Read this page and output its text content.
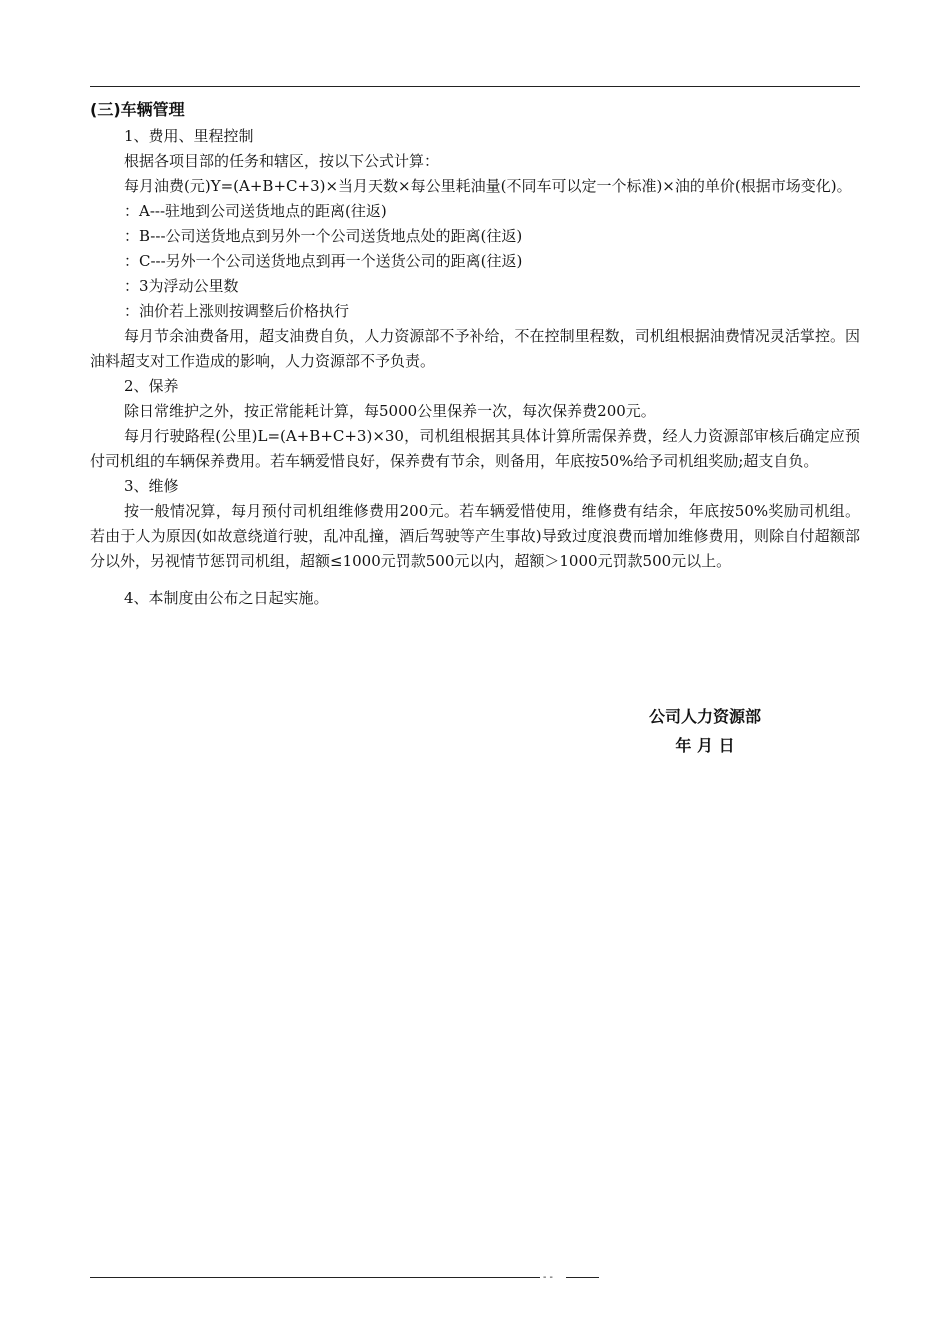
(三)车辆管理

1、费用、里程控制

根据各项目部的任务和辖区，按以下公式计算：

每月油费(元)Y=(A+B+C+3)×当月天数×每公里耗油量(不同车可以定一个标准)×油的单价(根据市场变化)。

：A---驻地到公司送货地点的距离(往返)

：B---公司送货地点到另外一个公司送货地点处的距离(往返)

：C---另外一个公司送货地点到再一个送货公司的距离(往返)

：3为浮动公里数

：油价若上涨则按调整后价格执行

每月节余油费备用，超支油费自负，人力资源部不予补给，不在控制里程数，司机组根据油费情况灵活掌控。因油料超支对工作造成的影响，人力资源部不予负责。

2、保养

除日常维护之外，按正常能耗计算，每5000公里保养一次，每次保养费200元。

每月行驶路程(公里)L=(A+B+C+3)×30，司机组根据其具体计算所需保养费，经人力资源部审核后确定应预付司机组的车辆保养费用。若车辆爱惜良好，保养费有节余，则备用，年底按50%给予司机组奖励;超支自负。

3、维修

按一般情况算，每月预付司机组维修费用200元。若车辆爱惜使用，维修费有结余，年底按50%奖励司机组。若由于人为原因(如故意绕道行驶，乱冲乱撞，酒后驾驶等产生事故)导致过度浪费而增加维修费用，则除自付超额部分以外，另视情节惩罚司机组，超额≤1000元罚款500元以内，超额＞1000元罚款500元以上。

4、本制度由公布之日起实施。

公司人力资源部
年 月 日
- -
